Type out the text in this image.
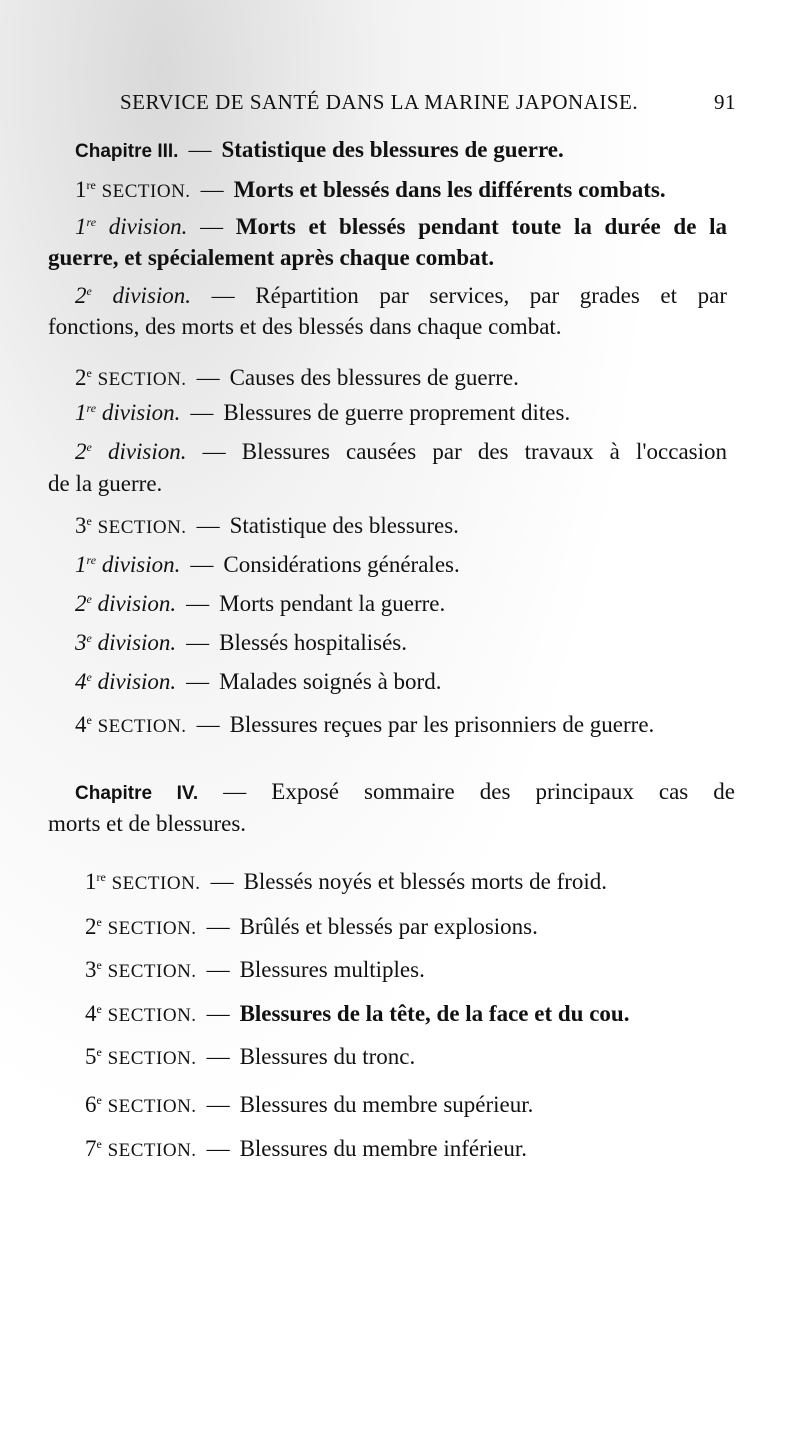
SERVICE DE SANTÉ DANS LA MARINE JAPONAISE.	91
Chapitre III. — Statistique des blessures de guerre.
1re SECTION. — Morts et blessés dans les différents combats.
1re division. — Morts et blessés pendant toute la durée de la
guerre, et spécialement après chaque combat.
2e division. — Répartition par services, par grades et par
fonctions, des morts et des blessés dans chaque combat.
2e SECTION. — Causes des blessures de guerre.
1re division. — Blessures de guerre proprement dites.
2e division. — Blessures causées par des travaux à l'occasion
de la guerre.
3e SECTION. — Statistique des blessures.
1re division. — Considérations générales.
2e division. — Morts pendant la guerre.
3e division. — Blessés hospitalisés.
4e division. — Malades soignés à bord.
4e SECTION. — Blessures reçues par les prisonniers de guerre.
Chapitre IV. — Exposé sommaire des principaux cas de
morts et de blessures.
1re SECTION. — Blessés noyés et blessés morts de froid.
2e SECTION. — Brûlés et blessés par explosions.
3e SECTION. — Blessures multiples.
4e SECTION. — Blessures de la tête, de la face et du cou.
5e SECTION. — Blessures du tronc.
6e SECTION. — Blessures du membre supérieur.
7e SECTION. — Blessures du membre inférieur.
